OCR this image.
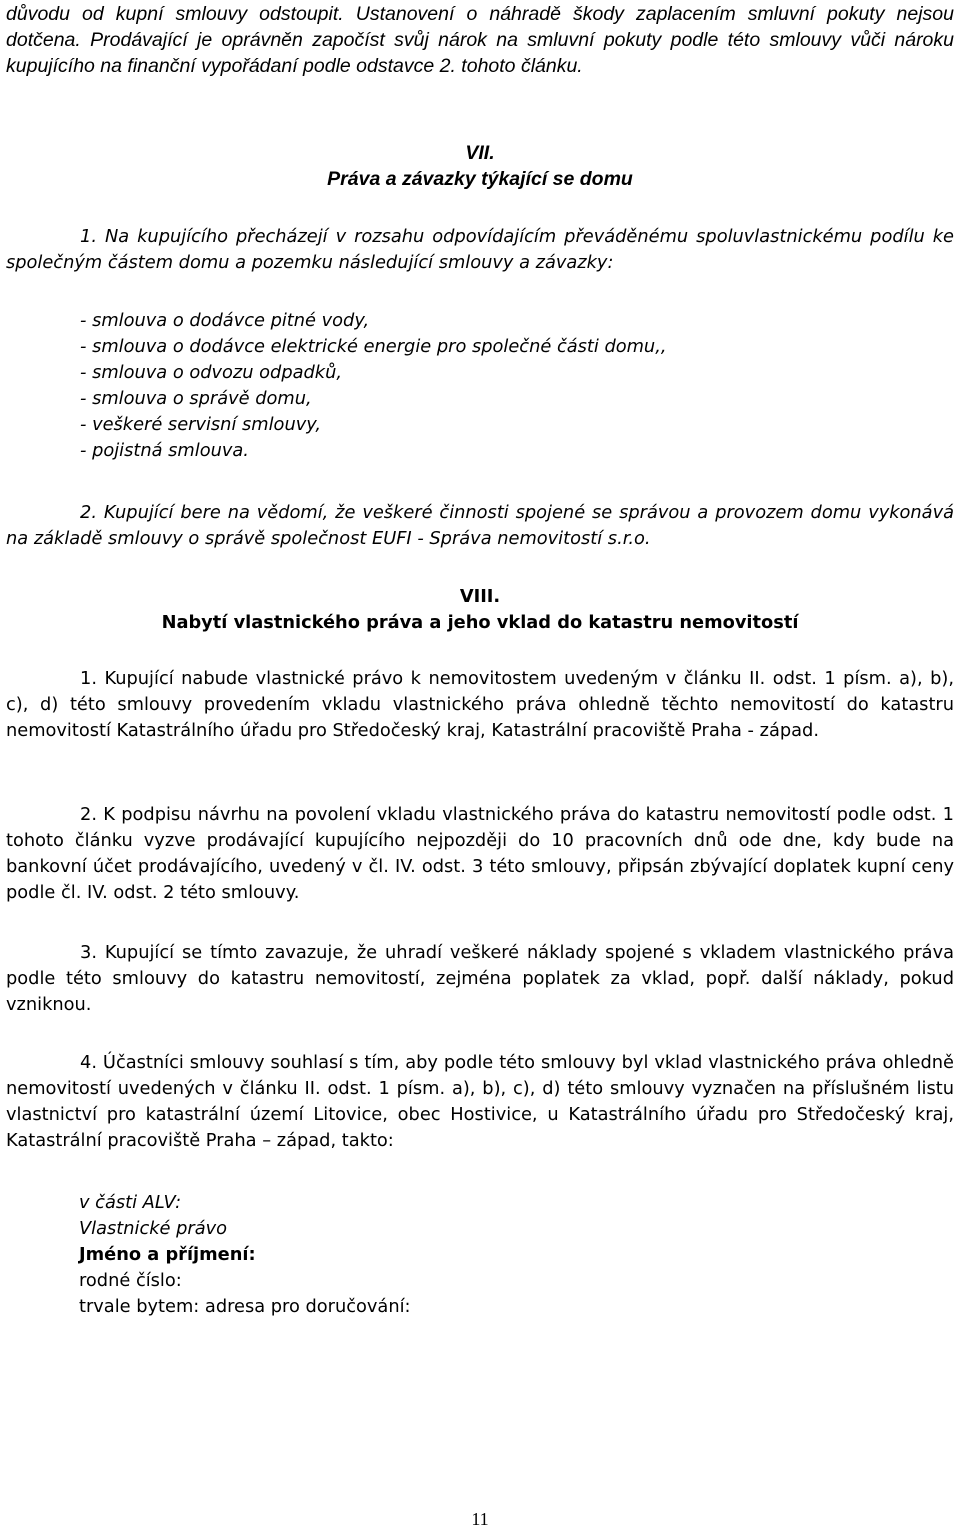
důvodu od kupní smlouvy odstoupit. Ustanovení o náhradě škody zaplacením smluvní pokuty nejsou dotčena. Prodávající je oprávněn započíst svůj nárok na smluvní pokuty podle této smlouvy vůči nároku kupujícího na finanční vypořádaní podle odstavce 2. tohoto článku.

VII.
Práva a závazky týkající se domu

1. Na kupujícího přecházejí v rozsahu odpovídajícím převáděnému spoluvlastnickému podílu ke společným částem domu a pozemku následující smlouvy a závazky:

- smlouva o dodávce pitné vody,
- smlouva o dodávce elektrické energie pro společné části domu,,
- smlouva o odvozu odpadků,
- smlouva o správě domu,
- veškeré servisní smlouvy,
- pojistná smlouva.

2. Kupující bere na vědomí, že veškeré činnosti spojené se správou a provozem domu vykonává na základě smlouvy o správě společnost EUFI - Správa nemovitostí s.r.o.

VIII.
Nabytí vlastnického práva a jeho vklad do katastru nemovitostí

1. Kupující nabude vlastnické právo k nemovitostem uvedeným v článku II. odst. 1 písm. a), b), c), d) této smlouvy provedením vkladu vlastnického práva ohledně těchto nemovitostí do katastru nemovitostí Katastrálního úřadu pro Středočeský kraj, Katastrální pracoviště Praha - západ.

2. K podpisu návrhu na povolení vkladu vlastnického práva do katastru nemovitostí podle odst. 1 tohoto článku vyzve prodávající kupujícího nejpozději do 10 pracovních dnů ode dne, kdy bude na bankovní účet prodávajícího, uvedený v čl. IV. odst. 3 této smlouvy, připsán zbývající doplatek kupní ceny podle čl. IV. odst. 2 této smlouvy.

3. Kupující se tímto zavazuje, že uhradí veškeré náklady spojené s vkladem vlastnického práva podle této smlouvy do katastru nemovitostí, zejména poplatek za vklad, popř. další náklady, pokud vzniknou.

4. Účastníci smlouvy souhlasí s tím, aby podle této smlouvy byl vklad vlastnického práva ohledně nemovitostí uvedených v článku II. odst. 1 písm. a), b), c), d) této smlouvy vyznačen na příslušném listu vlastnictví pro katastrální území Litovice, obec Hostivice, u Katastrálního úřadu pro Středočeský kraj, Katastrální pracoviště Praha – západ, takto:

v části ALV:

Vlastnické právo

Jméno a příjmení:

rodné číslo:

trvale bytem: adresa pro doručování:

11
